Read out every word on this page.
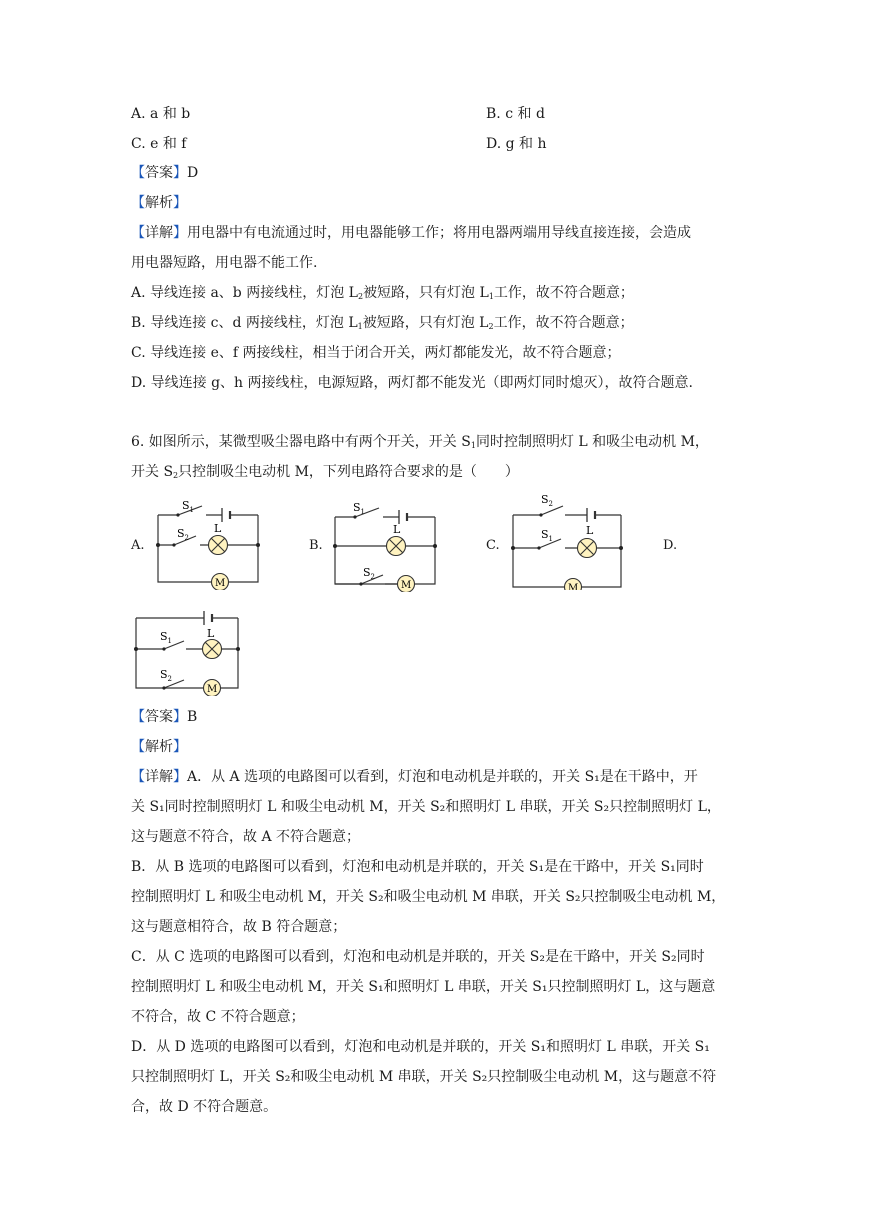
A. a 和 b	B. c 和 d
C. e 和 f	D. g 和 h
【答案】D
【解析】
【详解】用电器中有电流通过时，用电器能够工作；将用电器两端用导线直接连接，会造成
用电器短路，用电器不能工作.
A. 导线连接 a、b 两接线柱，灯泡 $L_2$被短路，只有灯泡 $L_1$工作，故不符合题意；
B. 导线连接 c、d 两接线柱，灯泡 $L_1$被短路，只有灯泡 $L_2$工作，故不符合题意；
C. 导线连接 e、f 两接线柱，相当于闭合开关，两灯都能发光，故不符合题意；
D. 导线连接 g、h 两接线柱，电源短路，两灯都不能发光（即两灯同时熄灭），故符合题意.
6. 如图所示，某微型吸尘器电路中有两个开关，开关 $S_1$同时控制照明灯 L 和吸尘电动机 M，
开关 $S_2$只控制吸尘电动机 M，下列电路符合要求的是（　　）
A.	B.	C.	D.
$S_1$
$S_2$
L
M
$S_1$
$S_2$
L
M
$S_2$
$S_1$
L
M
$S_1$
L
$S_2$
M
【答案】B
【解析】
【详解】A．从 A 选项的电路图可以看到，灯泡和电动机是并联的，开关 S₁是在干路中，开
关 S₁同时控制照明灯 L 和吸尘电动机 M，开关 S₂和照明灯 L 串联，开关 S₂只控制照明灯 L，
这与题意不符合，故 A 不符合题意；
B．从 B 选项的电路图可以看到，灯泡和电动机是并联的，开关 S₁是在干路中，开关 S₁同时
控制照明灯 L 和吸尘电动机 M，开关 S₂和吸尘电动机 M 串联，开关 S₂只控制吸尘电动机 M，
这与题意相符合，故 B 符合题意；
C．从 C 选项的电路图可以看到，灯泡和电动机是并联的，开关 S₂是在干路中，开关 S₂同时
控制照明灯 L 和吸尘电动机 M，开关 S₁和照明灯 L 串联，开关 S₁只控制照明灯 L，这与题意
不符合，故 C 不符合题意；
D．从 D 选项的电路图可以看到，灯泡和电动机是并联的，开关 S₁和照明灯 L 串联，开关 S₁
只控制照明灯 L，开关 S₂和吸尘电动机 M 串联，开关 S₂只控制吸尘电动机 M，这与题意不符
合，故 D 不符合题意。
